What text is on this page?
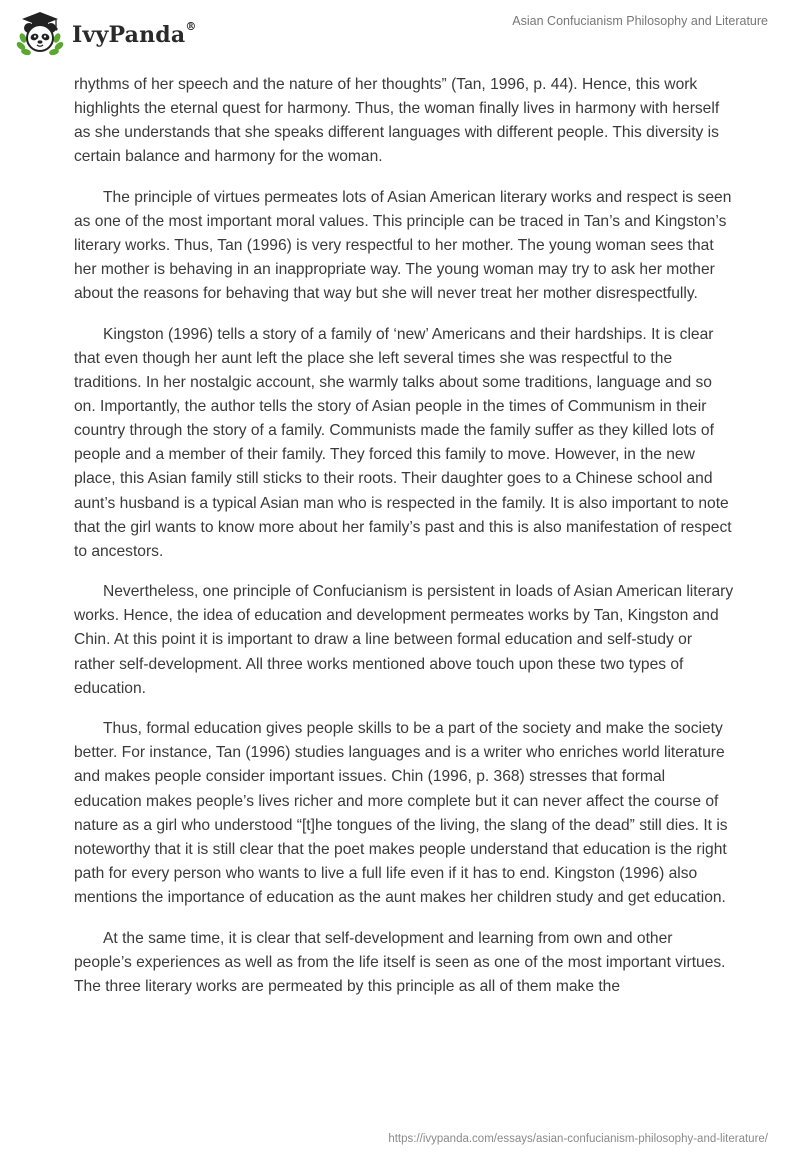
IvyPanda®	Asian Confucianism Philosophy and Literature

rhythms of her speech and the nature of her thoughts” (Tan, 1996, p. 44). Hence, this work highlights the eternal quest for harmony. Thus, the woman finally lives in harmony with herself as she understands that she speaks different languages with different people. This diversity is certain balance and harmony for the woman.

The principle of virtues permeates lots of Asian American literary works and respect is seen as one of the most important moral values. This principle can be traced in Tan’s and Kingston’s literary works. Thus, Tan (1996) is very respectful to her mother. The young woman sees that her mother is behaving in an inappropriate way. The young woman may try to ask her mother about the reasons for behaving that way but she will never treat her mother disrespectfully.

Kingston (1996) tells a story of a family of ‘new’ Americans and their hardships. It is clear that even though her aunt left the place she left several times she was respectful to the traditions. In her nostalgic account, she warmly talks about some traditions, language and so on. Importantly, the author tells the story of Asian people in the times of Communism in their country through the story of a family. Communists made the family suffer as they killed lots of people and a member of their family. They forced this family to move. However, in the new place, this Asian family still sticks to their roots. Their daughter goes to a Chinese school and aunt’s husband is a typical Asian man who is respected in the family. It is also important to note that the girl wants to know more about her family’s past and this is also manifestation of respect to ancestors.

Nevertheless, one principle of Confucianism is persistent in loads of Asian American literary works. Hence, the idea of education and development permeates works by Tan, Kingston and Chin. At this point it is important to draw a line between formal education and self-study or rather self-development. All three works mentioned above touch upon these two types of education.

Thus, formal education gives people skills to be a part of the society and make the society better. For instance, Tan (1996) studies languages and is a writer who enriches world literature and makes people consider important issues. Chin (1996, p. 368) stresses that formal education makes people’s lives richer and more complete but it can never affect the course of nature as a girl who understood “[t]he tongues of the living, the slang of the dead” still dies. It is noteworthy that it is still clear that the poet makes people understand that education is the right path for every person who wants to live a full life even if it has to end. Kingston (1996) also mentions the importance of education as the aunt makes her children study and get education.

At the same time, it is clear that self-development and learning from own and other people’s experiences as well as from the life itself is seen as one of the most important virtues. The three literary works are permeated by this principle as all of them make the

https://ivypanda.com/essays/asian-confucianism-philosophy-and-literature/
